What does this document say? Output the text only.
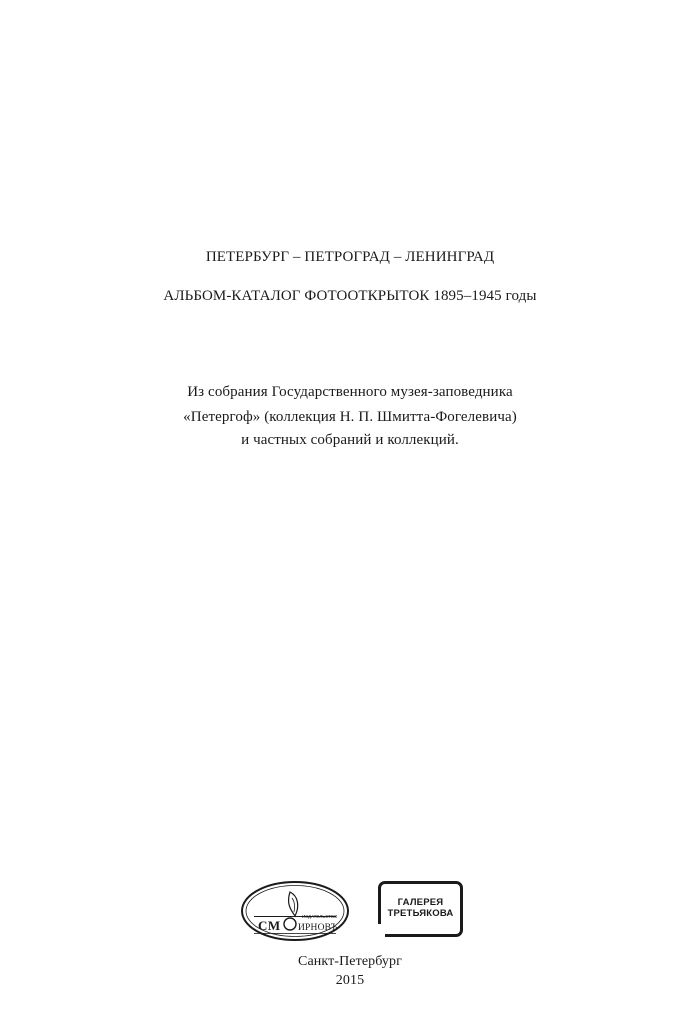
ПЕТЕРБУРГ – ПЕТРОГРАД – ЛЕНИНГРАД
АЛЬБОМ-КАТАЛОГ ФОТООТКРЫТОК 1895–1945 годы
Из собрания Государственного музея-заповедника
«Петергоф» (коллекция Н. П. Шмитта-Фогелевича)
и частных собраний и коллекций.
СМ ИРНОВЪ
ИЗДАТЕЛЬСТВО
ГАЛЕРЕЯ
ТРЕТЬЯКОВА
Санкт-Петербург
2015
